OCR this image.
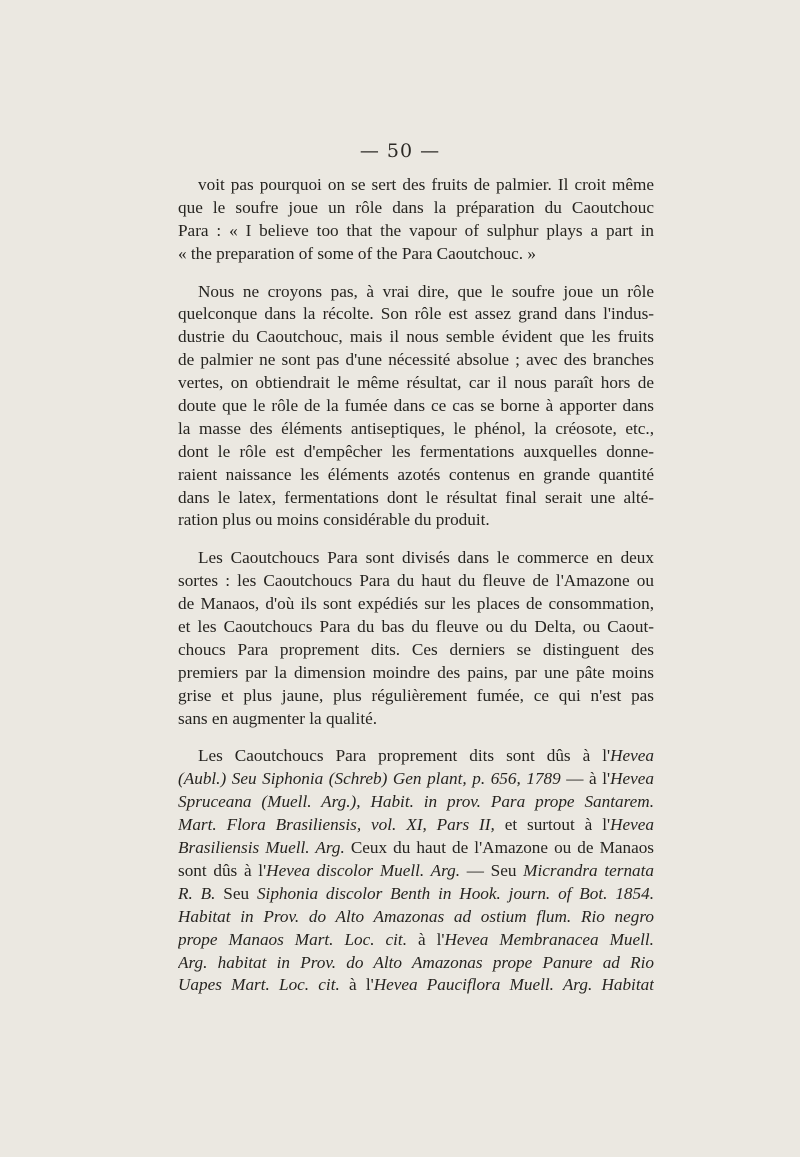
— 50 —
voit pas pourquoi on se sert des fruits de palmier. Il croit même
que le soufre joue un rôle dans la préparation du Caoutchouc
Para : « I believe too that the vapour of sulphur plays a part in
« the preparation of some of the Para Caoutchouc. »
Nous ne croyons pas, à vrai dire, que le soufre joue un rôle
quelconque dans la récolte. Son rôle est assez grand dans l'indus-
dustrie du Caoutchouc, mais il nous semble évident que les fruits
de palmier ne sont pas d'une nécessité absolue ; avec des branches
vertes, on obtiendrait le même résultat, car il nous paraît hors de
doute que le rôle de la fumée dans ce cas se borne à apporter dans
la masse des éléments antiseptiques, le phénol, la créosote, etc.,
dont le rôle est d'empêcher les fermentations auxquelles donne-
raient naissance les éléments azotés contenus en grande quantité
dans le latex, fermentations dont le résultat final serait une alté-
ration plus ou moins considérable du produit.
Les Caoutchoucs Para sont divisés dans le commerce en deux
sortes : les Caoutchoucs Para du haut du fleuve de l'Amazone ou
de Manaos, d'où ils sont expédiés sur les places de consommation,
et les Caoutchoucs Para du bas du fleuve ou du Delta, ou Caout-
choucs Para proprement dits. Ces derniers se distinguent des
premiers par la dimension moindre des pains, par une pâte moins
grise et plus jaune, plus régulièrement fumée, ce qui n'est pas
sans en augmenter la qualité.
Les Caoutchoucs Para proprement dits sont dûs à l'Hevea
(Aubl.) Seu Siphonia (Schreb) Gen plant, p. 656, 1789 — à l'Hevea
Spruceana (Muell. Arg.), Habit. in prov. Para prope Santarem.
Mart. Flora Brasiliensis, vol. XI, Pars II, et surtout à l'Hevea
Brasiliensis Muell. Arg. Ceux du haut de l'Amazone ou de Manaos
sont dûs à l'Hevea discolor Muell. Arg. — Seu Micrandra ternata
R. B. Seu Siphonia discolor Benth in Hook. journ. of Bot. 1854.
Habitat in Prov. do Alto Amazonas ad ostium flum. Rio negro
prope Manaos Mart. Loc. cit. à l'Hevea Membranacea Muell.
Arg. habitat in Prov. do Alto Amazonas prope Panure ad Rio
Uapes Mart. Loc. cit. à l'Hevea Pauciflora Muell. Arg. Habitat
